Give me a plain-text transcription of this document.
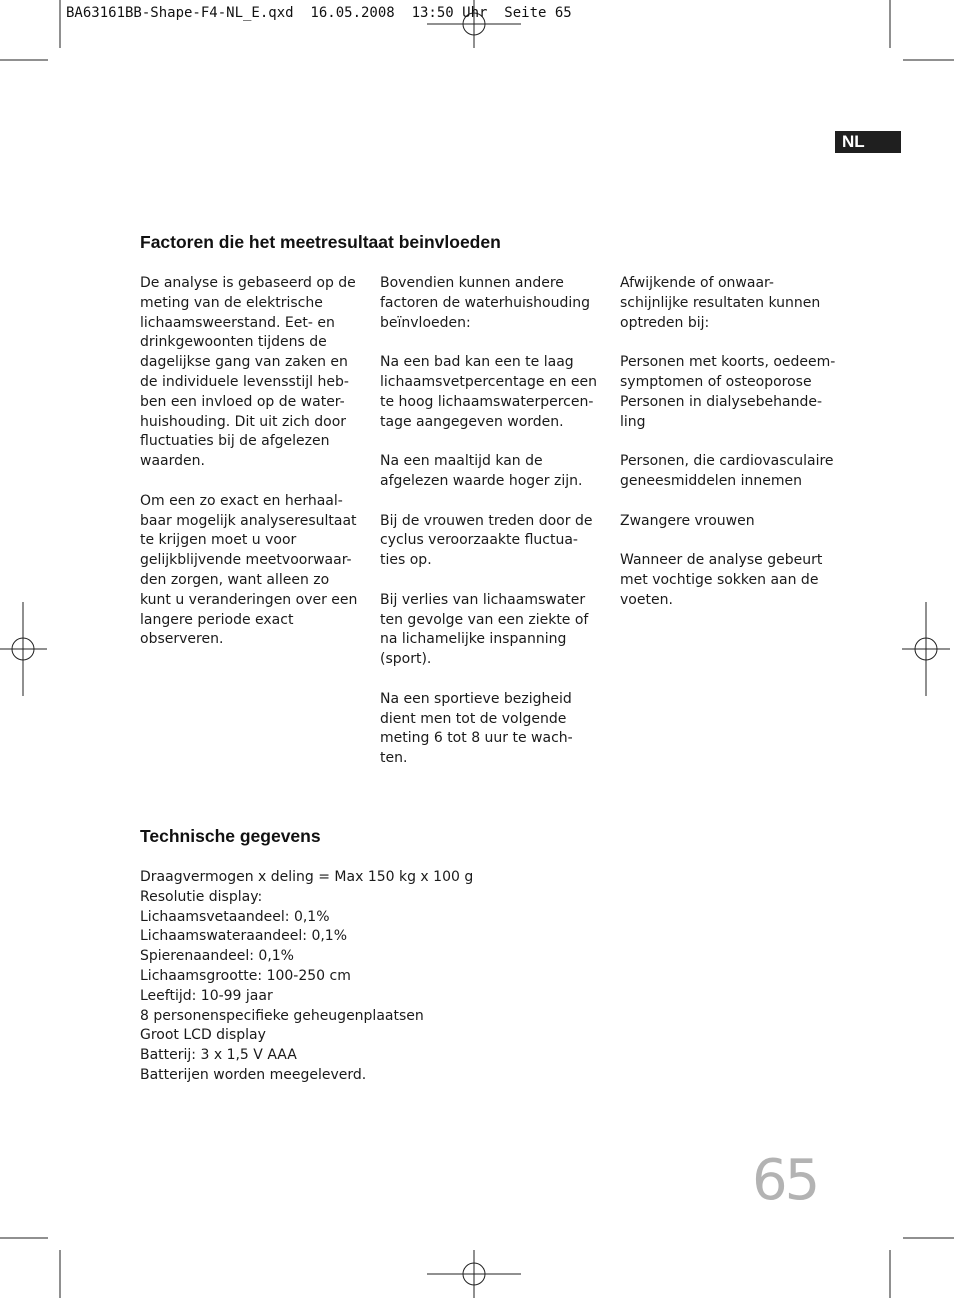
BA63161BB-Shape-F4-NL_E.qxd  16.05.2008  13:50 Uhr  Seite 65
NL
Factoren die het meetresultaat beinvloeden

De analyse is gebaseerd op de
meting van de elektrische
lichaamsweerstand. Eet- en
drinkgewoonten tijdens de
dagelijkse gang van zaken en
de individuele levensstijl heb-
ben een invloed op de water-
huishouding. Dit uit zich door
fluctuaties bij de afgelezen
waarden.

Om een zo exact en herhaal-
baar mogelijk analyseresultaat
te krijgen moet u voor
gelijkblijvende meetvoorwaar-
den zorgen, want alleen zo
kunt u veranderingen over een
langere periode exact
observeren.

Bovendien kunnen andere
factoren de waterhuishouding
beïnvloeden:

Na een bad kan een te laag
lichaamsvetpercentage en een
te hoog lichaamswaterpercen-
tage aangegeven worden.

Na een maaltijd kan de
afgelezen waarde hoger zijn.

Bij de vrouwen treden door de
cyclus veroorzaakte fluctua-
ties op.

Bij verlies van lichaamswater
ten gevolge van een ziekte of
na lichamelijke inspanning
(sport).

Na een sportieve bezigheid
dient men tot de volgende
meting 6 tot 8 uur te wach-
ten.

Afwijkende of onwaar-
schijnlijke resultaten kunnen
optreden bij:

Personen met koorts, oedeem-
symptomen of osteoporose
Personen in dialysebehande-
ling

Personen, die cardiovasculaire
geneesmiddelen innemen

Zwangere vrouwen

Wanneer de analyse gebeurt
met vochtige sokken aan de
voeten.

Technische gegevens
Draagvermogen x deling = Max 150 kg x 100 g
Resolutie display:
Lichaamsvetaandeel: 0,1%
Lichaamswateraandeel: 0,1%
Spierenaandeel: 0,1%
Lichaamsgrootte: 100-250 cm
Leeftijd: 10-99 jaar
8 personenspecifieke geheugenplaatsen
Groot LCD display
Batterij: 3 x 1,5 V AAA
Batterijen worden meegeleverd.
65
